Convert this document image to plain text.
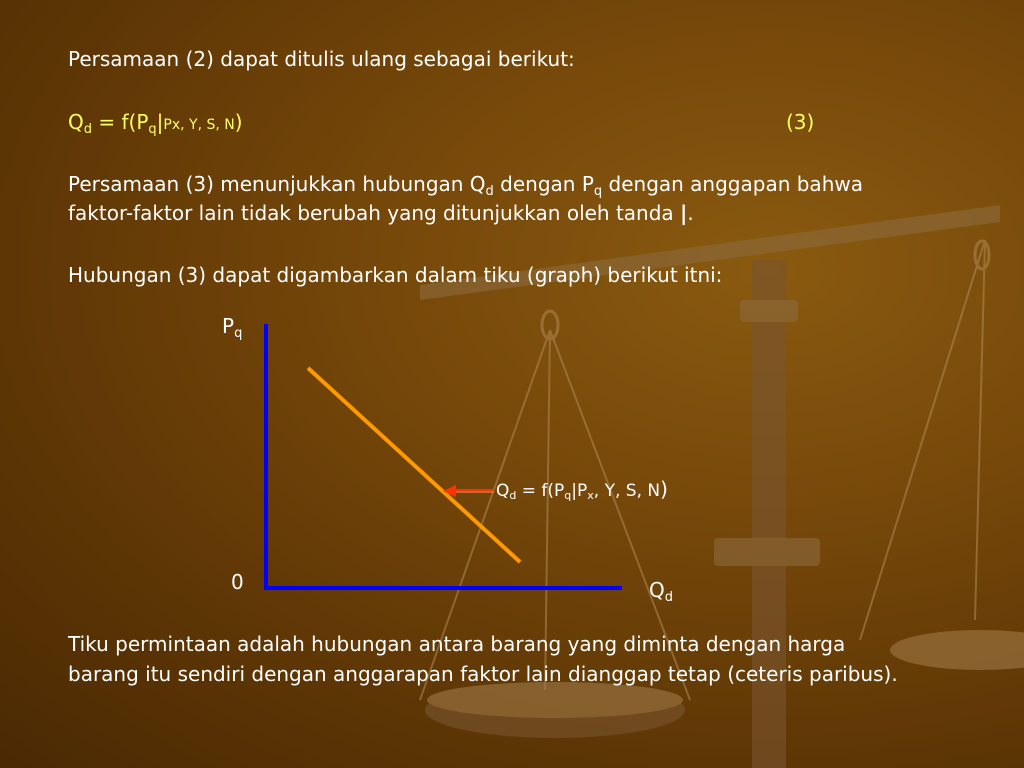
Persamaan (2) dapat ditulis ulang sebagai berikut:
$Q_d = f(P_q|Px$, Y, S, N)	(3)
Persamaan (3) menunjukkan hubungan $Q_d$ dengan $P_q$ dengan anggapan bahwa
faktor-faktor lain tidak berubah yang ditunjukkan oleh tanda |.
Hubungan (3) dapat digambarkan dalam tiku (graph) berikut itni:
$P_q$
0	$Q_d$
$Q_d = f(P_q|P_x$, Y, S, N)
Tiku permintaan adalah hubungan antara barang yang diminta dengan harga
barang itu sendiri dengan anggarapan faktor lain dianggap tetap (ceteris paribus).
